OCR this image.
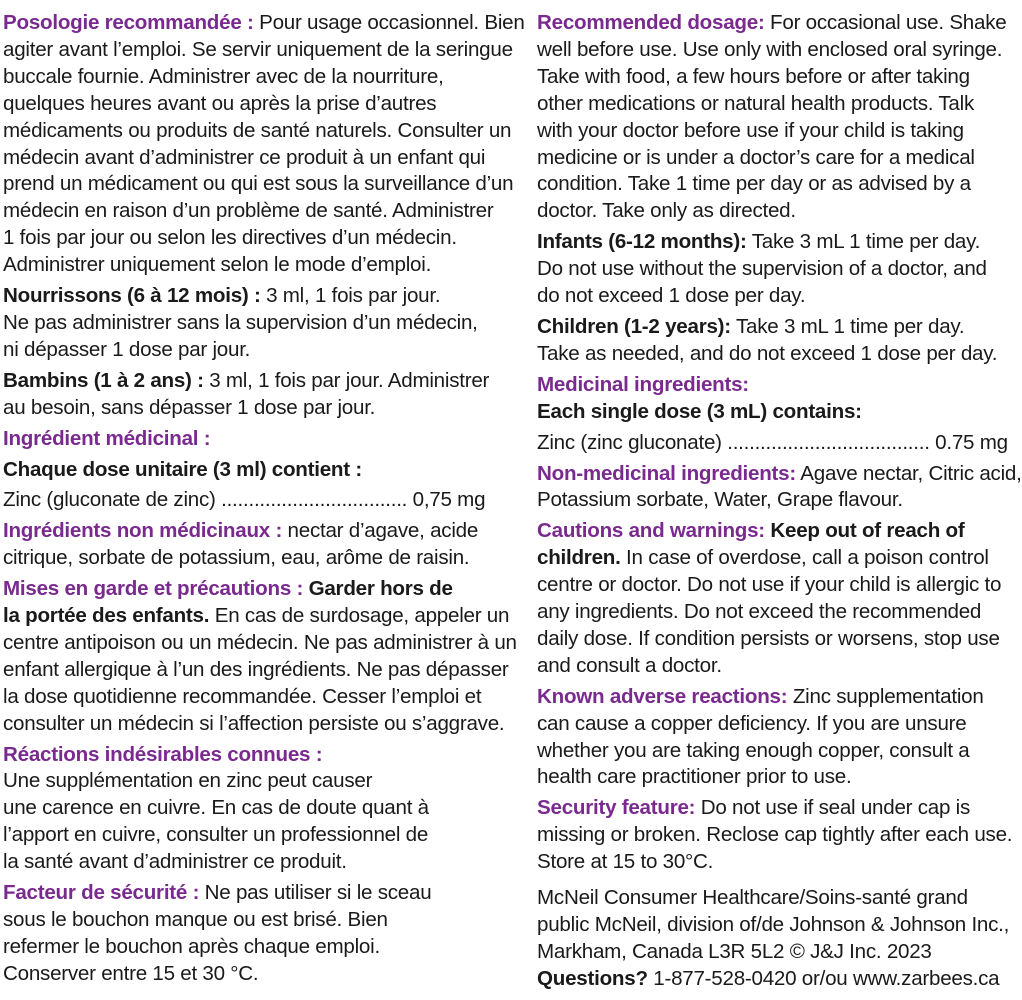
Posologie recommandée : Pour usage occasionnel. Bien
agiter avant l’emploi. Se servir uniquement de la seringue
buccale fournie. Administrer avec de la nourriture,
quelques heures avant ou après la prise d’autres
médicaments ou produits de santé naturels. Consulter un
médecin avant d’administrer ce produit à un enfant qui
prend un médicament ou qui est sous la surveillance d’un
médecin en raison d’un problème de santé. Administrer
1 fois par jour ou selon les directives d’un médecin.
Administrer uniquement selon le mode d’emploi.
Nourrissons (6 à 12 mois) : 3 ml, 1 fois par jour.
Ne pas administrer sans la supervision d’un médecin,
ni dépasser 1 dose par jour.
Bambins (1 à 2 ans) : 3 ml, 1 fois par jour. Administrer
au besoin, sans dépasser 1 dose par jour.
Ingrédient médicinal :
Chaque dose unitaire (3 ml) contient :
Zinc (gluconate de zinc) .................................. 0,75 mg
Ingrédients non médicinaux : nectar d’agave, acide
citrique, sorbate de potassium, eau, arôme de raisin.
Mises en garde et précautions : Garder hors de
la portée des enfants. En cas de surdosage, appeler un
centre antipoison ou un médecin. Ne pas administrer à un
enfant allergique à l’un des ingrédients. Ne pas dépasser
la dose quotidienne recommandée. Cesser l’emploi et
consulter un médecin si l’affection persiste ou s’aggrave.
Réactions indésirables connues :
Une supplémentation en zinc peut causer
une carence en cuivre. En cas de doute quant à
l’apport en cuivre, consulter un professionnel de
la santé avant d’administrer ce produit.
Facteur de sécurité : Ne pas utiliser si le sceau
sous le bouchon manque ou est brisé. Bien
refermer le bouchon après chaque emploi.
Conserver entre 15 et 30 °C.
Recommended dosage: For occasional use. Shake
well before use. Use only with enclosed oral syringe.
Take with food, a few hours before or after taking
other medications or natural health products. Talk
with your doctor before use if your child is taking
medicine or is under a doctor’s care for a medical
condition. Take 1 time per day or as advised by a
doctor. Take only as directed.
Infants (6-12 months): Take 3 mL 1 time per day.
Do not use without the supervision of a doctor, and
do not exceed 1 dose per day.
Children (1-2 years): Take 3 mL 1 time per day.
Take as needed, and do not exceed 1 dose per day.
Medicinal ingredients:
Each single dose (3 mL) contains:
Zinc (zinc gluconate) ..................................... 0.75 mg
Non-medicinal ingredients: Agave nectar, Citric acid,
Potassium sorbate, Water, Grape flavour.
Cautions and warnings: Keep out of reach of
children. In case of overdose, call a poison control
centre or doctor. Do not use if your child is allergic to
any ingredients. Do not exceed the recommended
daily dose. If condition persists or worsens, stop use
and consult a doctor.
Known adverse reactions: Zinc supplementation
can cause a copper deficiency. If you are unsure
whether you are taking enough copper, consult a
health care practitioner prior to use.
Security feature: Do not use if seal under cap is
missing or broken. Reclose cap tightly after each use.
Store at 15 to 30°C.
McNeil Consumer Healthcare/Soins-santé grand
public McNeil, division of/de Johnson & Johnson Inc.,
Markham, Canada L3R 5L2 © J&J Inc. 2023
Questions? 1-877-528-0420 or/ou www.zarbees.ca
